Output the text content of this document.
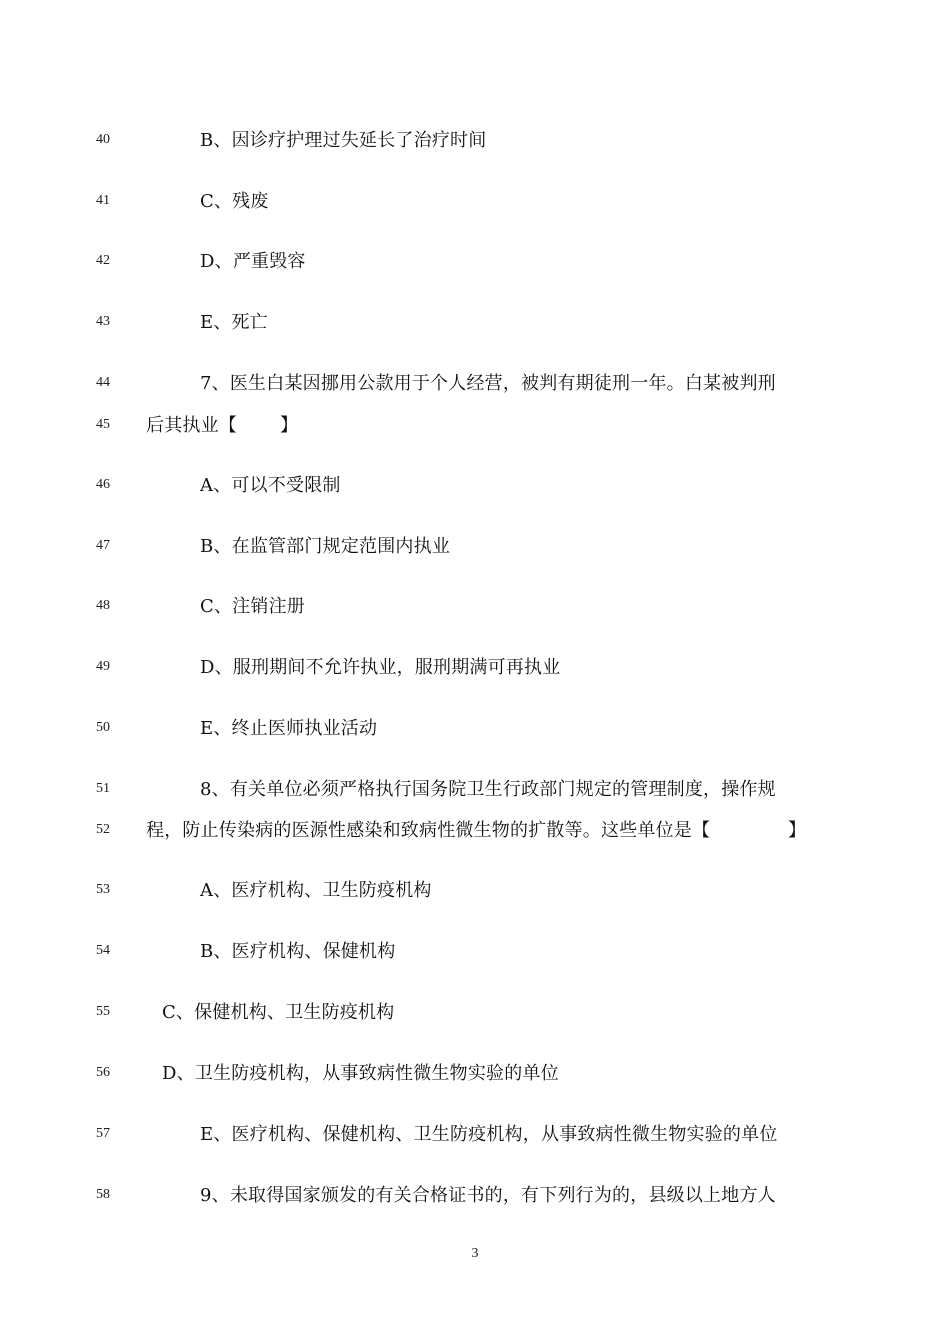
40	B、因诊疗护理过失延长了治疗时间
41	C、残废
42	D、严重毁容
43	E、死亡
44	7、医生白某因挪用公款用于个人经营，被判有期徒刑一年。白某被判刑
45	后其执业【 】
46	A、可以不受限制
47	B、在监管部门规定范围内执业
48	C、注销注册
49	D、服刑期间不允许执业，服刑期满可再执业
50	E、终止医师执业活动
51	8、有关单位必须严格执行国务院卫生行政部门规定的管理制度，操作规
52	程，防止传染病的医源性感染和致病性微生物的扩散等。这些单位是【	】
53	A、医疗机构、卫生防疫机构
54	B、医疗机构、保健机构
55	C、保健机构、卫生防疫机构
56	D、卫生防疫机构，从事致病性微生物实验的单位
57	E、医疗机构、保健机构、卫生防疫机构，从事致病性微生物实验的单位
58	9、未取得国家颁发的有关合格证书的，有下列行为的，县级以上地方人
3
